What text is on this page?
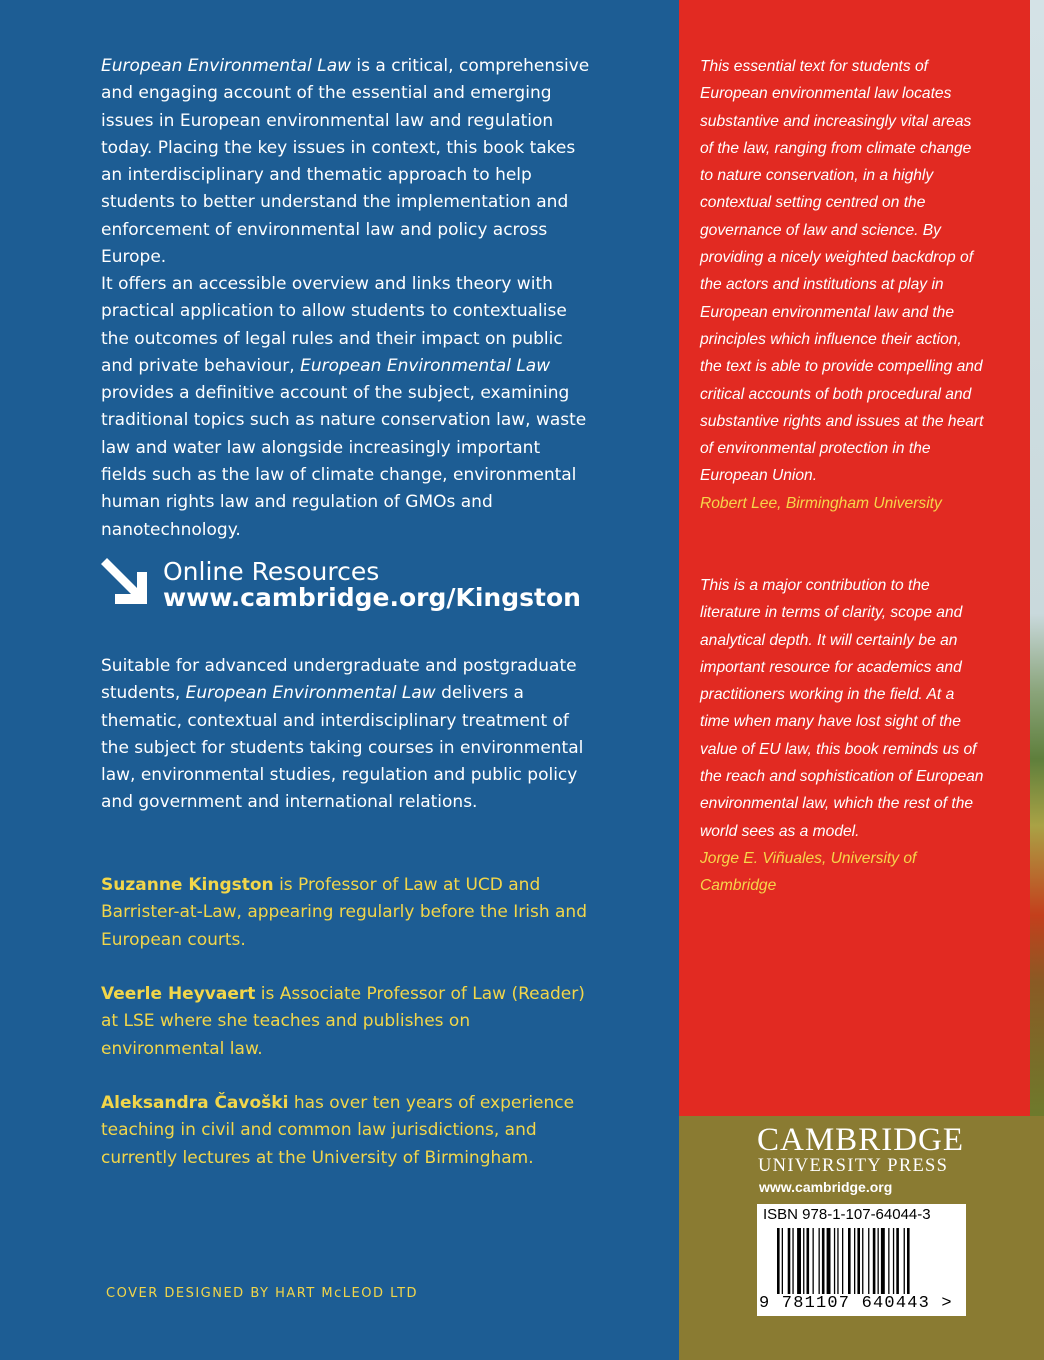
European Environmental Law is a critical, comprehensive and engaging account of the essential and emerging issues in European environmental law and regulation today. Placing the key issues in context, this book takes an interdisciplinary and thematic approach to help students to better understand the implementation and enforcement of environmental law and policy across Europe.
It offers an accessible overview and links theory with practical application to allow students to contextualise the outcomes of legal rules and their impact on public and private behaviour, European Environmental Law provides a definitive account of the subject, examining traditional topics such as nature conservation law, waste law and water law alongside increasingly important fields such as the law of climate change, environmental human rights law and regulation of GMOs and nanotechnology.
Online Resources
www.cambridge.org/Kingston
Suitable for advanced undergraduate and postgraduate students, European Environmental Law delivers a thematic, contextual and interdisciplinary treatment of the subject for students taking courses in environmental law, environmental studies, regulation and public policy and government and international relations.
Suzanne Kingston is Professor of Law at UCD and Barrister-at-Law, appearing regularly before the Irish and European courts.
Veerle Heyvaert is Associate Professor of Law (Reader) at LSE where she teaches and publishes on environmental law.
Aleksandra Čavoški has over ten years of experience teaching in civil and common law jurisdictions, and currently lectures at the University of Birmingham.
COVER DESIGNED BY HART McLEOD LTD
This essential text for students of European environmental law locates substantive and increasingly vital areas of the law, ranging from climate change to nature conservation, in a highly contextual setting centred on the governance of law and science. By providing a nicely weighted backdrop of the actors and institutions at play in European environmental law and the principles which influence their action, the text is able to provide compelling and critical accounts of both procedural and substantive rights and issues at the heart of environmental protection in the European Union.
Robert Lee, Birmingham University
This is a major contribution to the literature in terms of clarity, scope and analytical depth. It will certainly be an important resource for academics and practitioners working in the field. At a time when many have lost sight of the value of EU law, this book reminds us of the reach and sophistication of European environmental law, which the rest of the world sees as a model.
Jorge E. Viñuales, University of Cambridge
CAMBRIDGE
UNIVERSITY PRESS
www.cambridge.org
ISBN 978-1-107-64044-3
9 781107 640443 >
